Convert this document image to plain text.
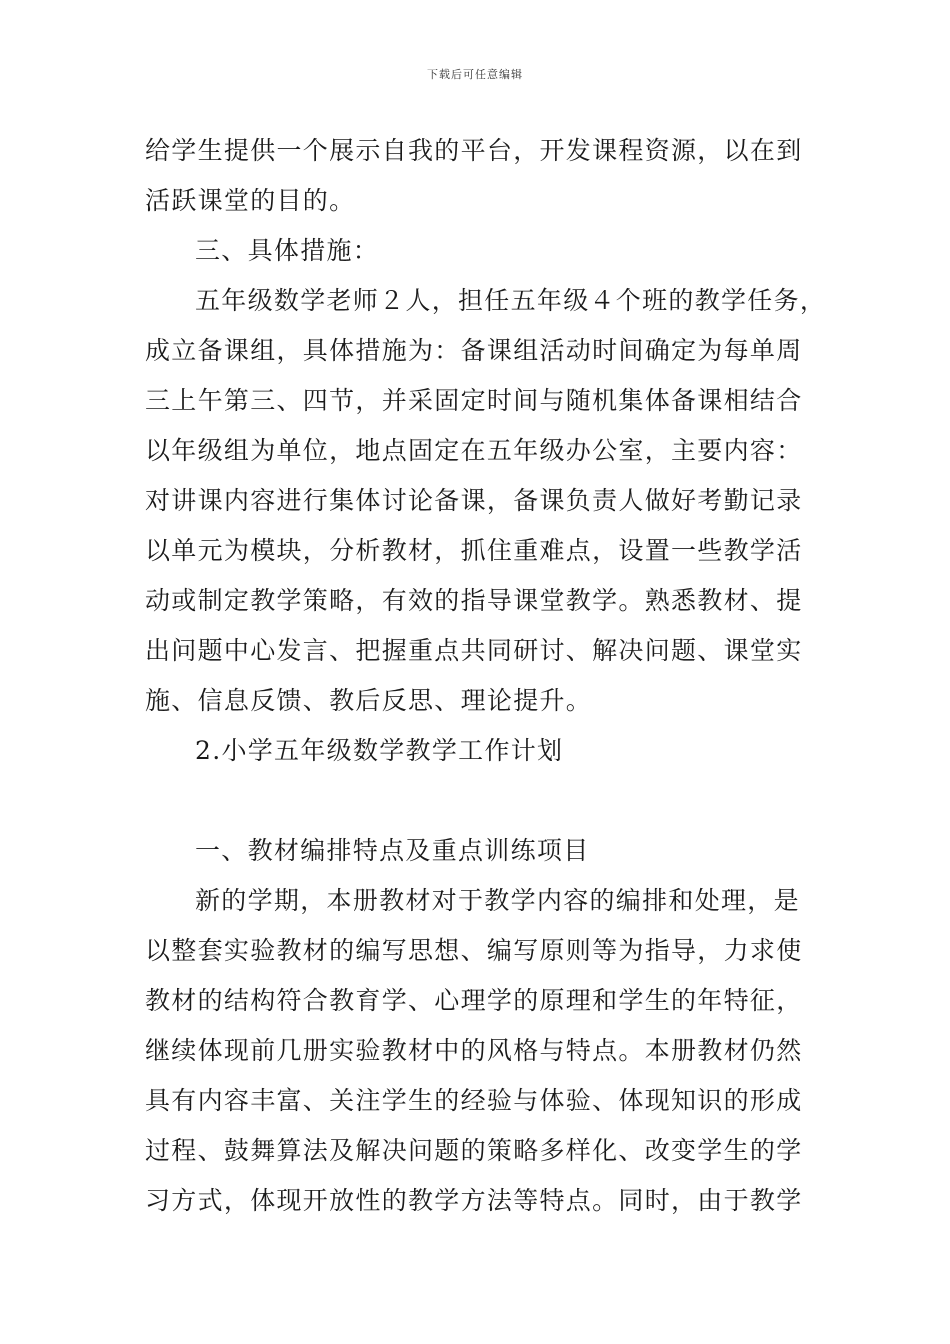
下载后可任意编辑
给学生提供一个展示自我的平台，开发课程资源，以在到
活跃课堂的目的。
三、具体措施：
五年级数学老师２人，担任五年级４个班的教学任务，
成立备课组，具体措施为：备课组活动时间确定为每单周
三上午第三、四节，并采固定时间与随机集体备课相结合
以年级组为单位，地点固定在五年级办公室，主要内容：
对讲课内容进行集体讨论备课，备课负责人做好考勤记录
以单元为模块，分析教材，抓住重难点，设置一些教学活
动或制定教学策略，有效的指导课堂教学。熟悉教材、提
出问题中心发言、把握重点共同研讨、解决问题、课堂实
施、信息反馈、教后反思、理论提升。
2.小学五年级数学教学工作计划
一、教材编排特点及重点训练项目
新的学期，本册教材对于教学内容的编排和处理，是
以整套实验教材的编写思想、编写原则等为指导，力求使
教材的结构符合教育学、心理学的原理和学生的年特征，
继续体现前几册实验教材中的风格与特点。本册教材仍然
具有内容丰富、关注学生的经验与体验、体现知识的形成
过程、鼓舞算法及解决问题的策略多样化、改变学生的学
习方式，体现开放性的教学方法等特点。同时，由于教学
